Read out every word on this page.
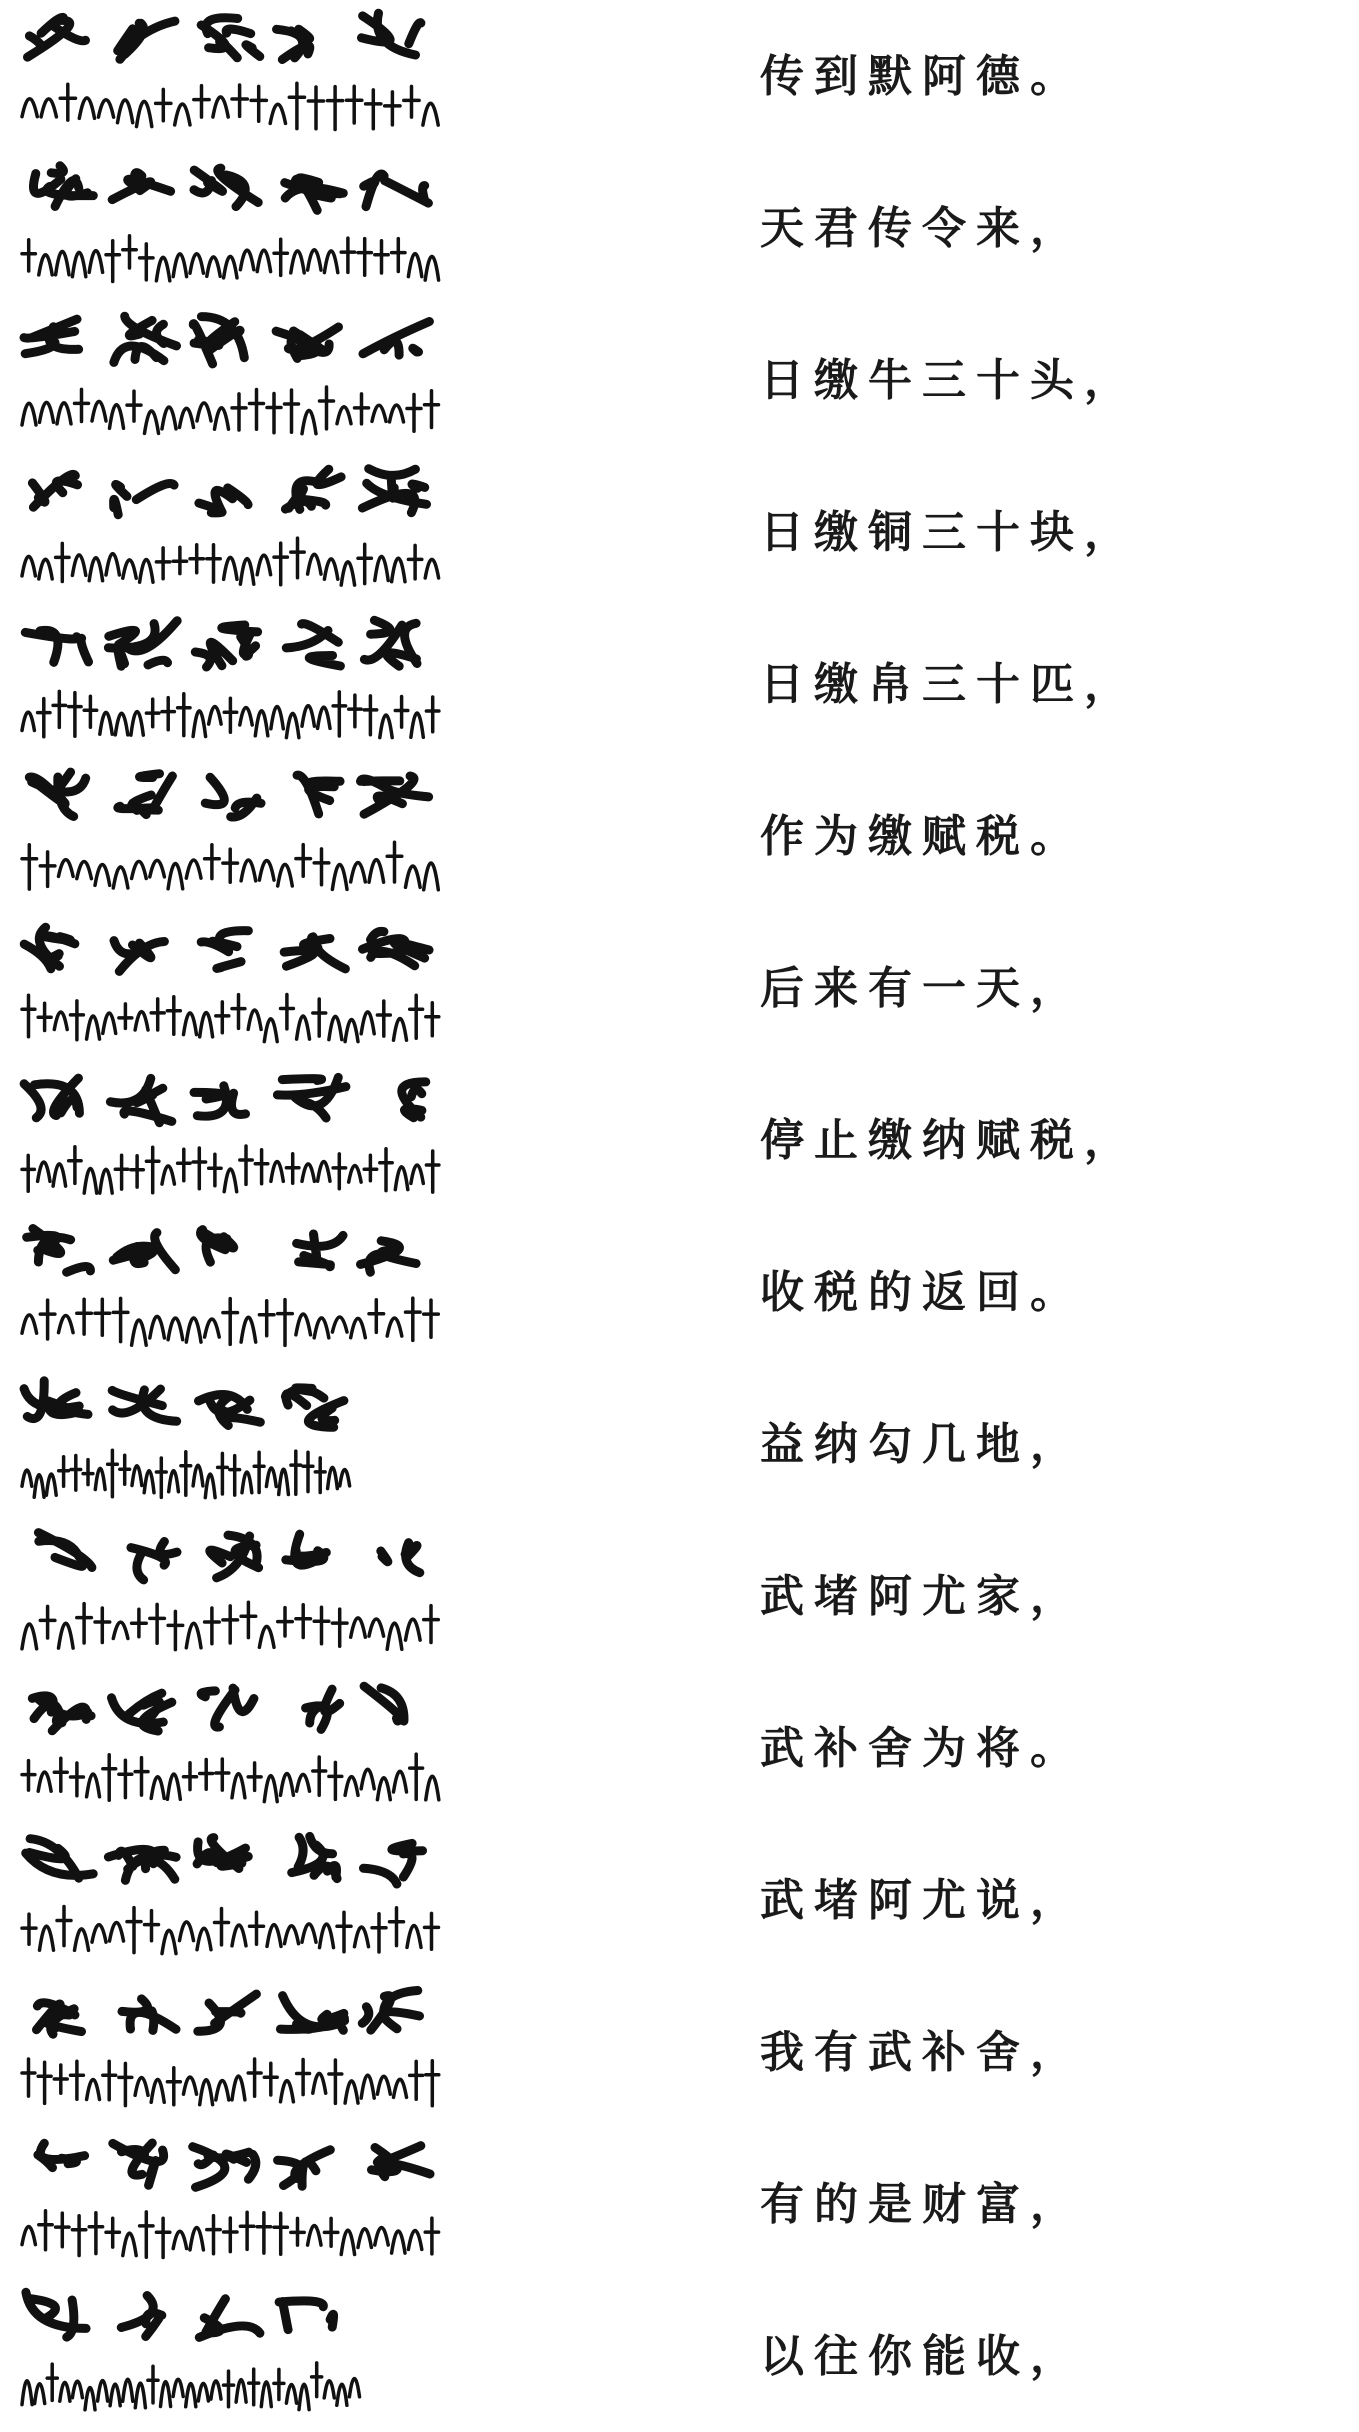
传到默阿德。
天君传令来，
日缴牛三十头，
日缴铜三十块，
日缴帛三十匹，
作为缴赋税。
后来有一天，
停止缴纳赋税，
收税的返回。
益纳勾几地，
武堵阿尤家，
武补舍为将。
武堵阿尤说，
我有武补舍，
有的是财富，
以往你能收，
